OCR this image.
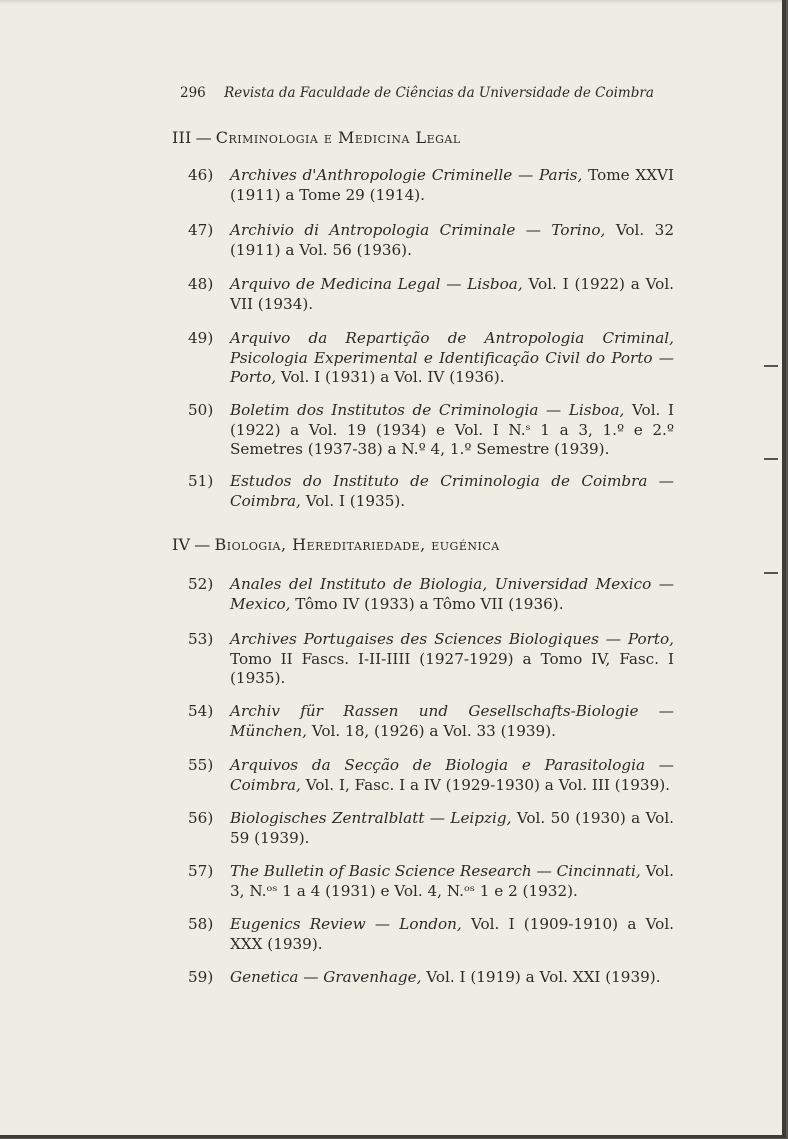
296 Revista da Faculdade de Ciências da Universidade de Coimbra
III — Criminologia e Medicina Legal
46)	Archives d'Anthropologie Criminelle — Paris, Tome XXVI (1911) a Tome 29 (1914).
47)	Archivio di Antropologia Criminale — Torino, Vol. 32 (1911) a Vol. 56 (1936).
48)	Arquivo de Medicina Legal — Lisboa, Vol. I (1922) a Vol. VII (1934).
49)	Arquivo da Repartição de Antropologia Criminal, Psicologia Experimental e Identificação Civil do Porto — Porto, Vol. I (1931) a Vol. IV (1936).
50)	Boletim dos Institutos de Criminologia — Lisboa, Vol. I (1922) a Vol. 19 (1934) e Vol. I N.ˢ 1 a 3, 1.º e 2.º Semetres (1937-38) a N.º 4, 1.º Semestre (1939).
51)	Estudos do Instituto de Criminologia de Coimbra — Coimbra, Vol. I (1935).
IV — Biologia, Hereditariedade, eugénica
52)	Anales del Instituto de Biologia, Universidad Mexico — Mexico, Tômo IV (1933) a Tômo VII (1936).
53)	Archives Portugaises des Sciences Biologiques — Porto, Tomo II Fascs. I-II-IIII (1927-1929) a Tomo IV, Fasc. I (1935).
54)	Archiv für Rassen und Gesellschafts-Biologie — München, Vol. 18, (1926) a Vol. 33 (1939).
55)	Arquivos da Secção de Biologia e Parasitologia — Coimbra, Vol. I, Fasc. I a IV (1929-1930) a Vol. III (1939).
56)	Biologisches Zentralblatt — Leipzig, Vol. 50 (1930) a Vol. 59 (1939).
57)	The Bulletin of Basic Science Research — Cincinnati, Vol. 3, N.ᵒˢ 1 a 4 (1931) e Vol. 4, N.ᵒˢ 1 e 2 (1932).
58)	Eugenics Review — London, Vol. I (1909-1910) a Vol. XXX (1939).
59)	Genetica — Gravenhage, Vol. I (1919) a Vol. XXI (1939).
